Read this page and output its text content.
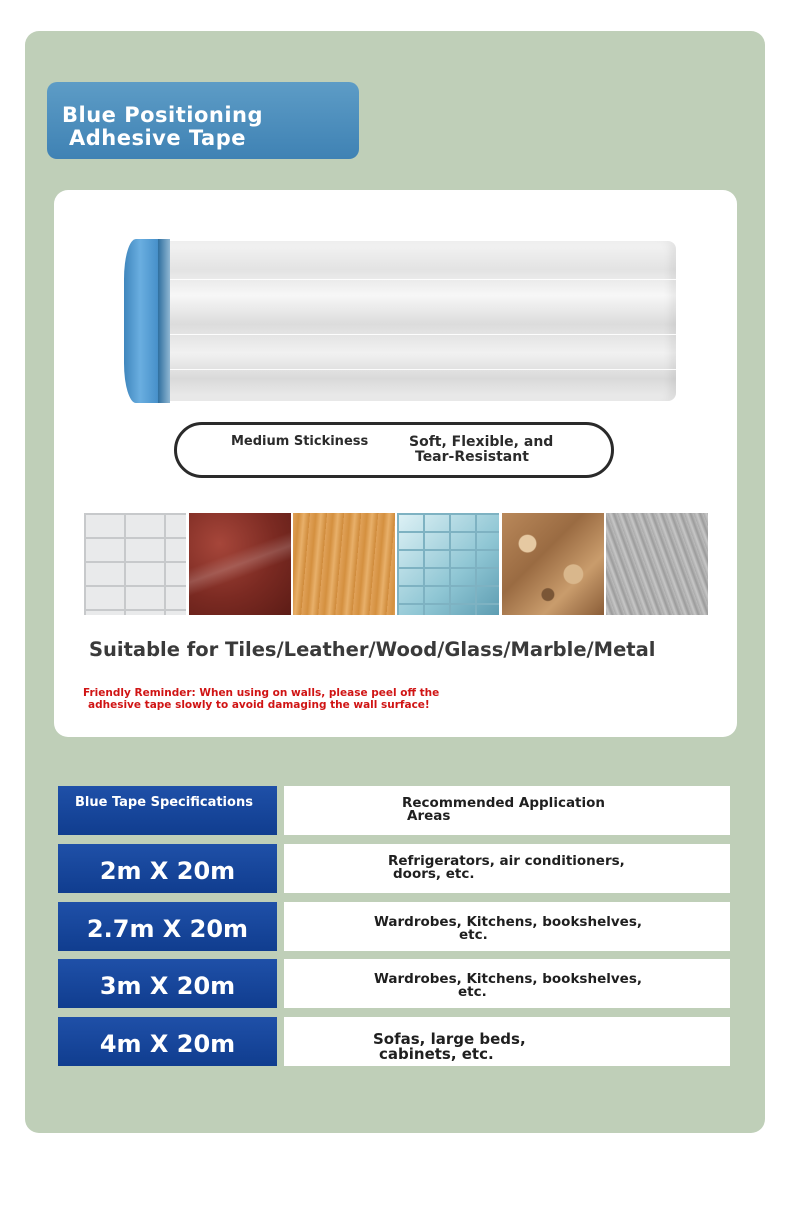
Blue Positioning
Adhesive Tape
Medium Stickiness	Soft, Flexible, and
Tear-Resistant
Suitable for Tiles/Leather/Wood/Glass/Marble/Metal
Friendly Reminder: When using on walls, please peel off the
adhesive tape slowly to avoid damaging the wall surface!
Blue Tape Specifications	Recommended Application
Areas
2m X 20m	Refrigerators, air conditioners,
doors, etc.
2.7m X 20m	Wardrobes, Kitchens, bookshelves,
etc.
3m X 20m	Wardrobes, Kitchens, bookshelves,
etc.
4m X 20m	Sofas, large beds,
cabinets, etc.
